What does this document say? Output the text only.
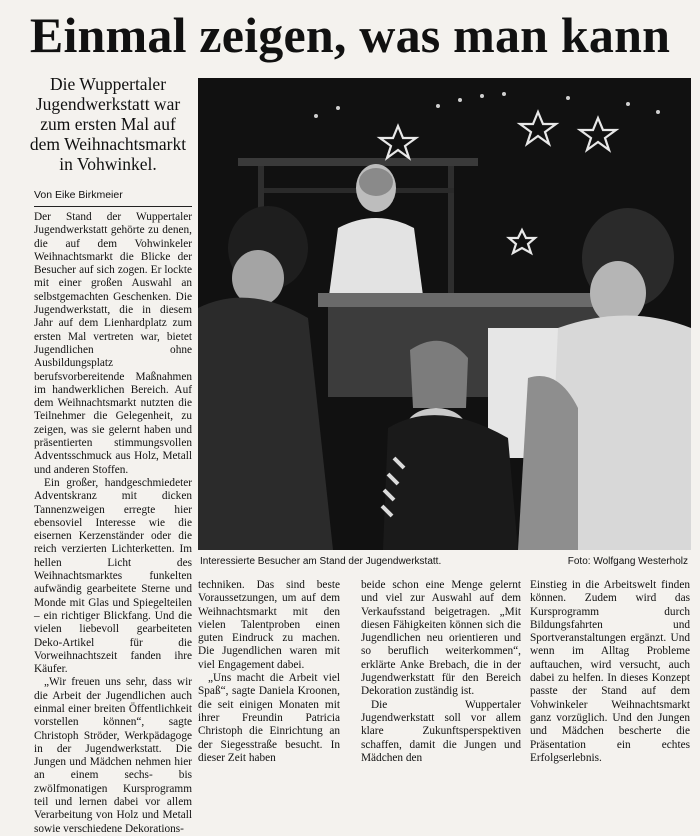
Einmal zeigen, was man kann
Die Wuppertaler Jugendwerkstatt war zum ersten Mal auf dem Weihnachtsmarkt in Vohwinkel.
Von Eike Birkmeier

Der Stand der Wuppertaler Jugendwerkstatt gehörte zu denen, die auf dem Vohwinkeler Weihnachtsmarkt die Blicke der Besucher auf sich zogen. Er lockte mit einer großen Auswahl an selbstgemachten Geschenken. Die Jugendwerkstatt, die in diesem Jahr auf dem Lienhardplatz zum ersten Mal vertreten war, bietet Jugendlichen ohne Ausbildungsplatz berufsvorbereitende Maßnahmen im handwerklichen Bereich. Auf dem Weihnachtsmarkt nutzten die Teilnehmer die Gelegenheit, zu zeigen, was sie gelernt haben und präsentierten stimmungsvollen Adventsschmuck aus Holz, Metall und anderen Stoffen.

Ein großer, handgeschmiedeter Adventskranz mit dicken Tannenzweigen erregte hier ebensoviel Interesse wie die eisernen Kerzenständer oder die reich verzierten Lichterketten. Im hellen Licht des Weihnachtsmarktes funkelten aufwändig gearbeitete Sterne und Monde mit Glas und Spiegelteilen – ein richtiger Blickfang. Und die vielen liebevoll gearbeiteten Deko-Artikel für die Vorweihnachtszeit fanden ihre Käufer.

„Wir freuen uns sehr, dass wir die Arbeit der Jugendlichen auch einmal einer breiten Öffentlichkeit vorstellen können“, sagte Christoph Ströder, Werkpädagoge in der Jugendwerkstatt. Die Jungen und Mädchen nehmen hier an einem sechs- bis zwölfmonatigen Kursprogramm teil und lernen dabei vor allem Verarbeitung von Holz und Metall sowie verschiedene Dekorations-

Interessierte Besucher am Stand der Jugendwerkstatt.	Foto: Wolfgang Westerholz

techniken. Das sind beste Voraussetzungen, um auf dem Weihnachtsmarkt mit den vielen Talentproben einen guten Eindruck zu machen. Die Jugendlichen waren mit viel Engagement dabei.

„Uns macht die Arbeit viel Spaß“, sagte Daniela Kroonen, die seit einigen Monaten mit ihrer Freundin Patricia Christoph die Einrichtung an der Siegesstraße besucht. In dieser Zeit haben

beide schon eine Menge gelernt und viel zur Auswahl auf dem Verkaufsstand beigetragen. „Mit diesen Fähigkeiten können sich die Jugendlichen neu orientieren und so beruflich weiterkommen“, erklärte Anke Brebach, die in der Jugendwerkstatt für den Bereich Dekoration zuständig ist.

Die Wuppertaler Jugendwerkstatt soll vor allem klare Zukunftsperspektiven schaffen, damit die Jungen und Mädchen den

Einstieg in die Arbeitswelt finden können. Zudem wird das Kursprogramm durch Bildungsfahrten und Sportveranstaltungen ergänzt. Und wenn im Alltag Probleme auftauchen, wird versucht, auch dabei zu helfen. In dieses Konzept passte der Stand auf dem Vohwinkeler Weihnachtsmarkt ganz vorzüglich. Und den Jungen und Mädchen bescherte die Präsentation ein echtes Erfolgserlebnis.
